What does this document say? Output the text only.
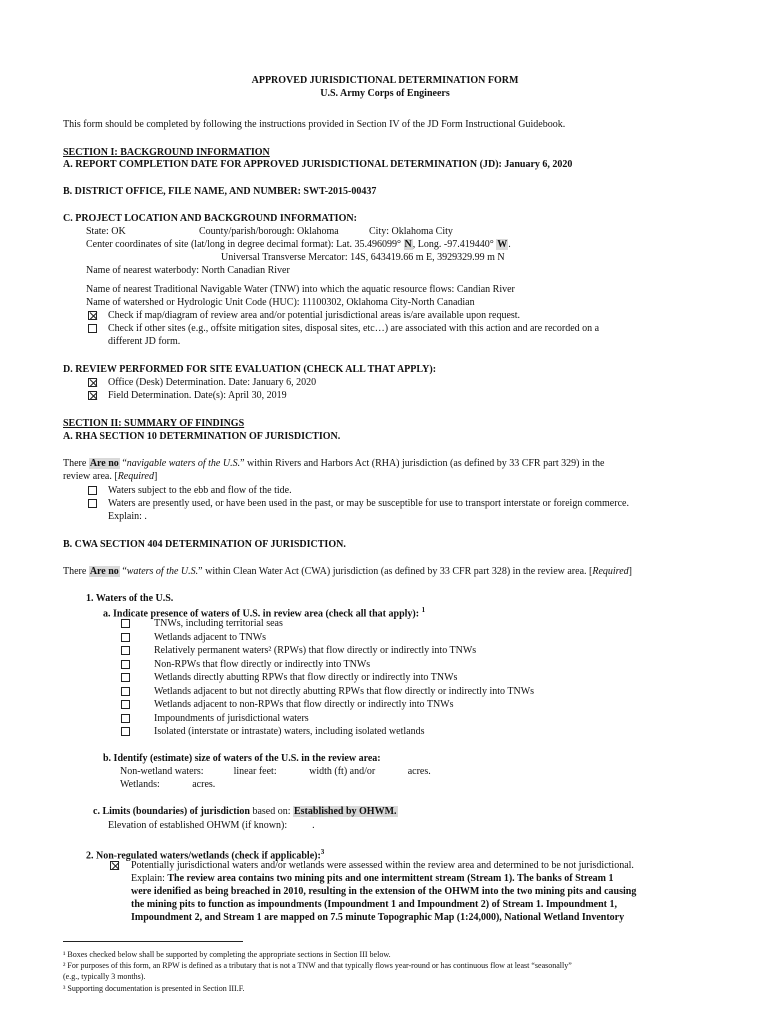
APPROVED JURISDICTIONAL DETERMINATION FORM
U.S. Army Corps of Engineers
This form should be completed by following the instructions provided in Section IV of the JD Form Instructional Guidebook.
SECTION I: BACKGROUND INFORMATION
A. REPORT COMPLETION DATE FOR APPROVED JURISDICTIONAL DETERMINATION (JD): January 6, 2020
B. DISTRICT OFFICE, FILE NAME, AND NUMBER: SWT-2015-00437
C. PROJECT LOCATION AND BACKGROUND INFORMATION:
State: OK	County/parish/borough: Oklahoma	City: Oklahoma City
Center coordinates of site (lat/long in degree decimal format): Lat. 35.496099° N, Long. -97.419440° W.
Universal Transverse Mercator: 14S, 643419.66 m E, 3929329.99 m N
Name of nearest waterbody: North Canadian River
Name of nearest Traditional Navigable Water (TNW) into which the aquatic resource flows: Candian River
Name of watershed or Hydrologic Unit Code (HUC): 11100302, Oklahoma City-North Canadian
Check if map/diagram of review area and/or potential jurisdictional areas is/are available upon request.
Check if other sites (e.g., offsite mitigation sites, disposal sites, etc…) are associated with this action and are recorded on a
different JD form.
D. REVIEW PERFORMED FOR SITE EVALUATION (CHECK ALL THAT APPLY):
Office (Desk) Determination. Date: January 6, 2020
Field Determination. Date(s): April 30, 2019
SECTION II: SUMMARY OF FINDINGS
A. RHA SECTION 10 DETERMINATION OF JURISDICTION.
There Are no “navigable waters of the U.S.” within Rivers and Harbors Act (RHA) jurisdiction (as defined by 33 CFR part 329) in the
review area. [Required]
Waters subject to the ebb and flow of the tide.
Waters are presently used, or have been used in the past, or may be susceptible for use to transport interstate or foreign commerce.
Explain: .
B. CWA SECTION 404 DETERMINATION OF JURISDICTION.
There Are no “waters of the U.S.” within Clean Water Act (CWA) jurisdiction (as defined by 33 CFR part 328) in the review area. [Required]
1. Waters of the U.S.
a. Indicate presence of waters of U.S. in review area (check all that apply): $^1$
TNWs, including territorial seas
Wetlands adjacent to TNWs
Relatively permanent waters² (RPWs) that flow directly or indirectly into TNWs
Non-RPWs that flow directly or indirectly into TNWs
Wetlands directly abutting RPWs that flow directly or indirectly into TNWs
Wetlands adjacent to but not directly abutting RPWs that flow directly or indirectly into TNWs
Wetlands adjacent to non-RPWs that flow directly or indirectly into TNWs
Impoundments of jurisdictional waters
Isolated (interstate or intrastate) waters, including isolated wetlands
b. Identify (estimate) size of waters of the U.S. in the review area:
Non-wetland waters:            linear feet:             width (ft) and/or             acres.
Wetlands:             acres.
c. Limits (boundaries) of jurisdiction based on: Established by OHWM.
Elevation of established OHWM (if known):          .
2. Non-regulated waters/wetlands (check if applicable):$^3$
Potentially jurisdictional waters and/or wetlands were assessed within the review area and determined to be not jurisdictional.
Explain: The review area contains two mining pits and one intermittent stream (Stream 1). The banks of Stream 1
were idenified as being breached in 2010, resulting in the extension of the OHWM into the two mining pits and causing
the mining pits to function as impoundments (Impoundment 1 and Impoundment 2) of Stream 1. Impoundment 1,
Impoundment 2, and Stream 1 are mapped on 7.5 minute Topographic Map (1:24,000), National Wetland Inventory
¹ Boxes checked below shall be supported by completing the appropriate sections in Section III below.
² For purposes of this form, an RPW is defined as a tributary that is not a TNW and that typically flows year-round or has continuous flow at least “seasonally”
(e.g., typically 3 months).
³ Supporting documentation is presented in Section III.F.
